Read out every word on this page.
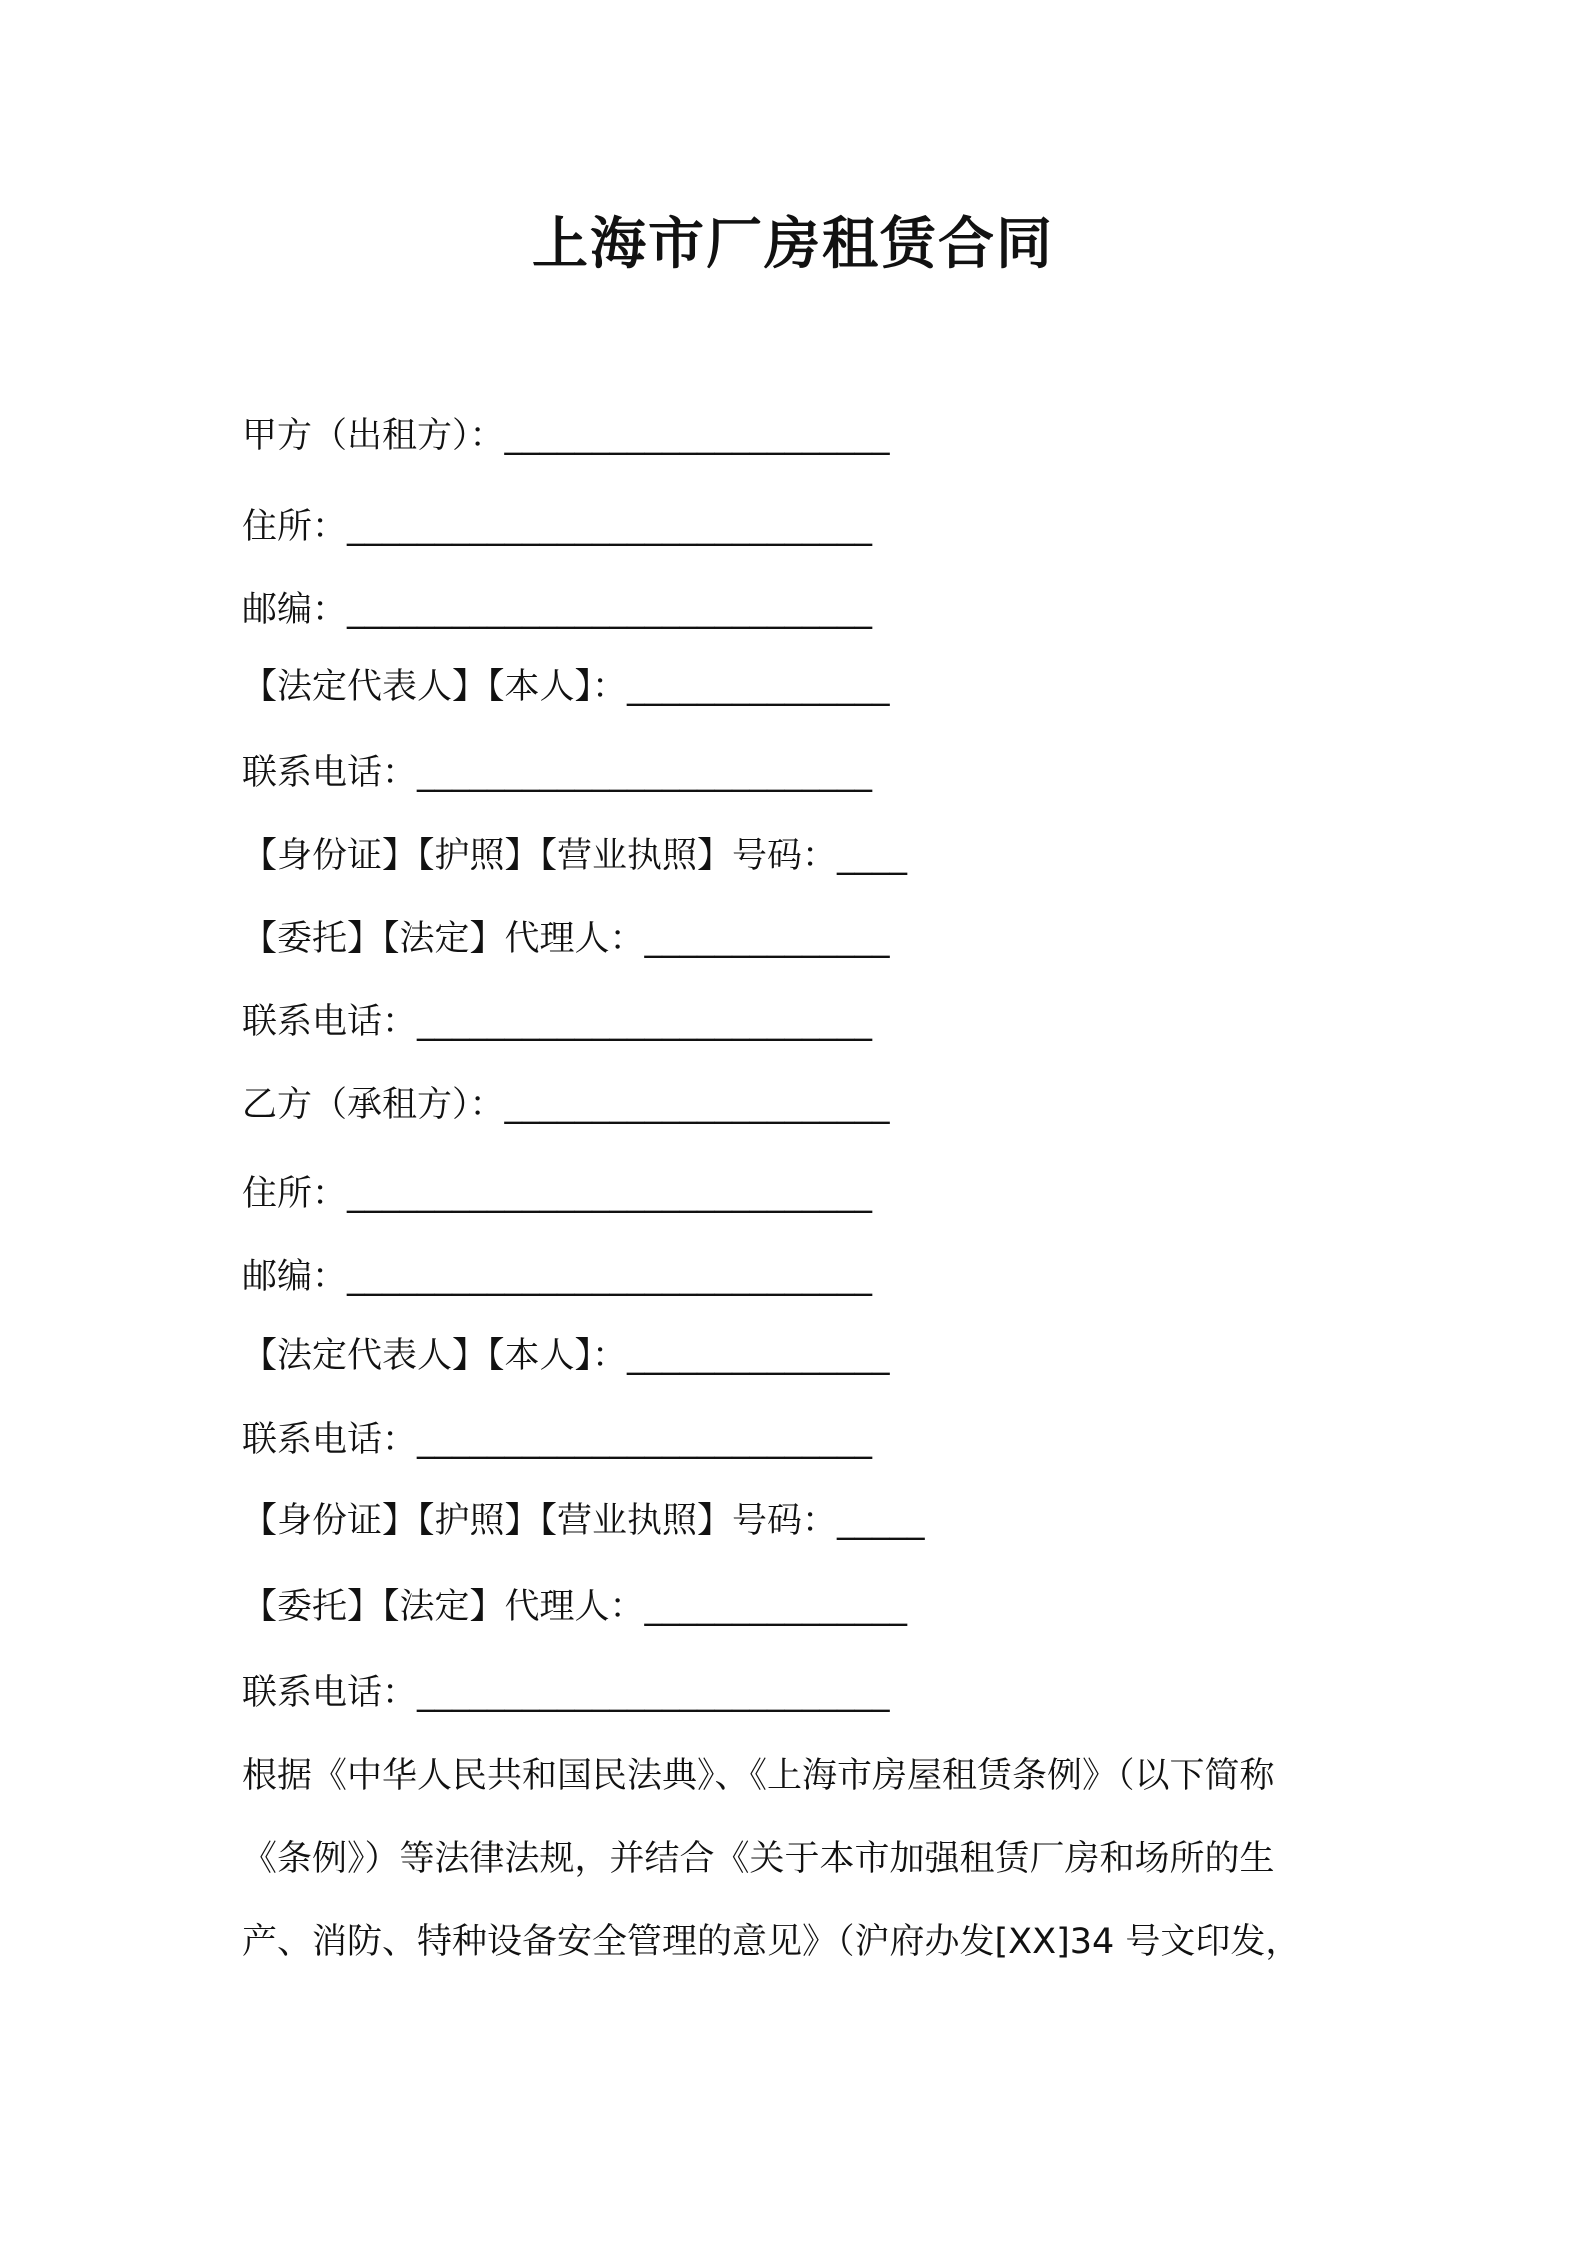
上海市厂房租赁合同
甲方（出租方）：______________________
住所：______________________________
邮编：______________________________
【法定代表人】【本人】：_______________
联系电话：__________________________
【身份证】【护照】【营业执照】号码：____
【委托】【法定】代理人：______________
联系电话：__________________________
乙方（承租方）：______________________
住所：______________________________
邮编：______________________________
【法定代表人】【本人】：_______________
联系电话：__________________________
【身份证】【护照】【营业执照】号码：_____
【委托】【法定】代理人：_______________
联系电话：___________________________
根据《中华人民共和国民法典》、《上海市房屋租赁条例》（以下简称
《条例》）等法律法规，并结合《关于本市加强租赁厂房和场所的生
产、消防、特种设备安全管理的意见》（沪府办发[XX]34 号文印发，
